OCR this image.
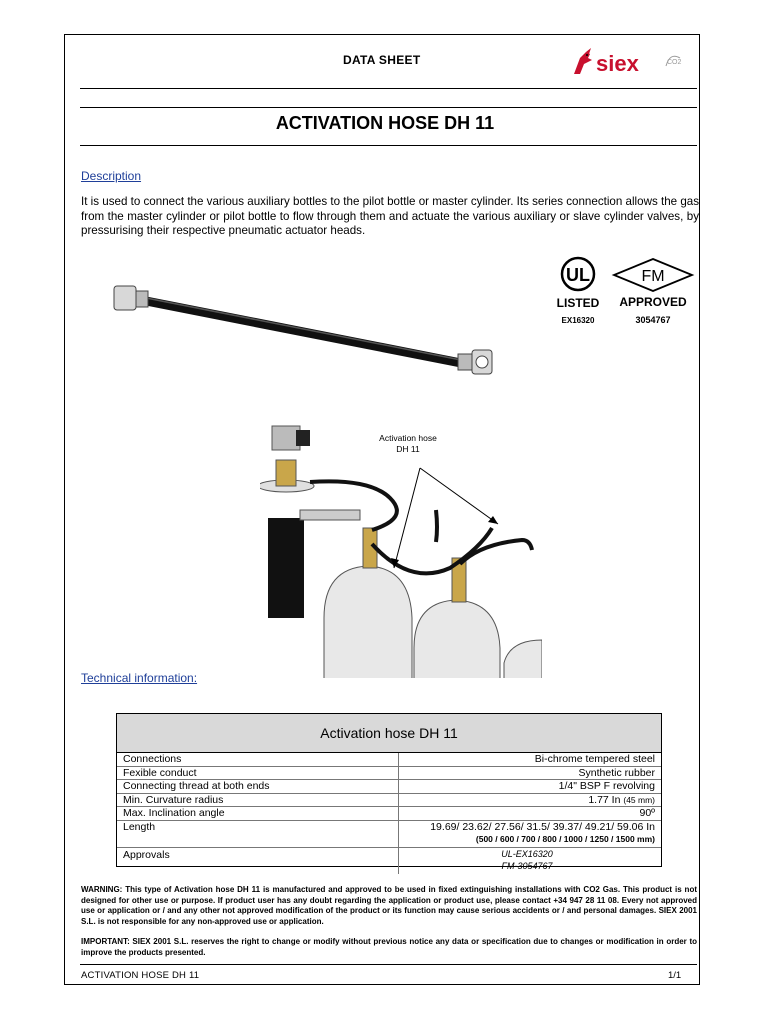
DATA SHEET	siex	CO2
ACTIVATION HOSE DH 11
Description
It is used to connect the various auxiliary bottles to the pilot bottle or master cylinder. Its series connection allows the gas from the master cylinder or pilot bottle to flow through them and actuate the various auxiliary or slave cylinder valves, by pressurising their respective pneumatic actuator heads.
UL
LISTED
EX16320
FM
APPROVED
3054767
Activation hose
DH 11
Technical information:
Activation hose DH 11
Connections	Bi-chrome tempered steel
Fexible conduct	Synthetic rubber
Connecting thread at both ends	1/4" BSP F revolving
Min. Curvature radius	1.77 In (45 mm)
Max. Inclination angle	90º
Length	19.69/ 23.62/ 27.56/ 31.5/ 39.37/ 49.21/ 59.06 In
(500 / 600 / 700 / 800 / 1000 / 1250 / 1500 mm)
Approvals	UL-EX16320
FM-3054767
WARNING: This type of Activation hose DH 11 is manufactured and approved to be used in fixed extinguishing installations with CO2 Gas. This product is not designed for other use or purpose. If product user has any doubt regarding the application or product use, please contact +34 947 28 11 08. Every not approved use or application or / and any other not approved modification of the product or its function may cause serious accidents or / and personal damages. SIEX 2001 S.L. is not responsible for any non-approved use or application.
IMPORTANT: SIEX 2001 S.L. reserves the right to change or modify without previous notice any data or specification due to changes or modification in order to improve the products presented.
ACTIVATION HOSE DH 11	1/1
